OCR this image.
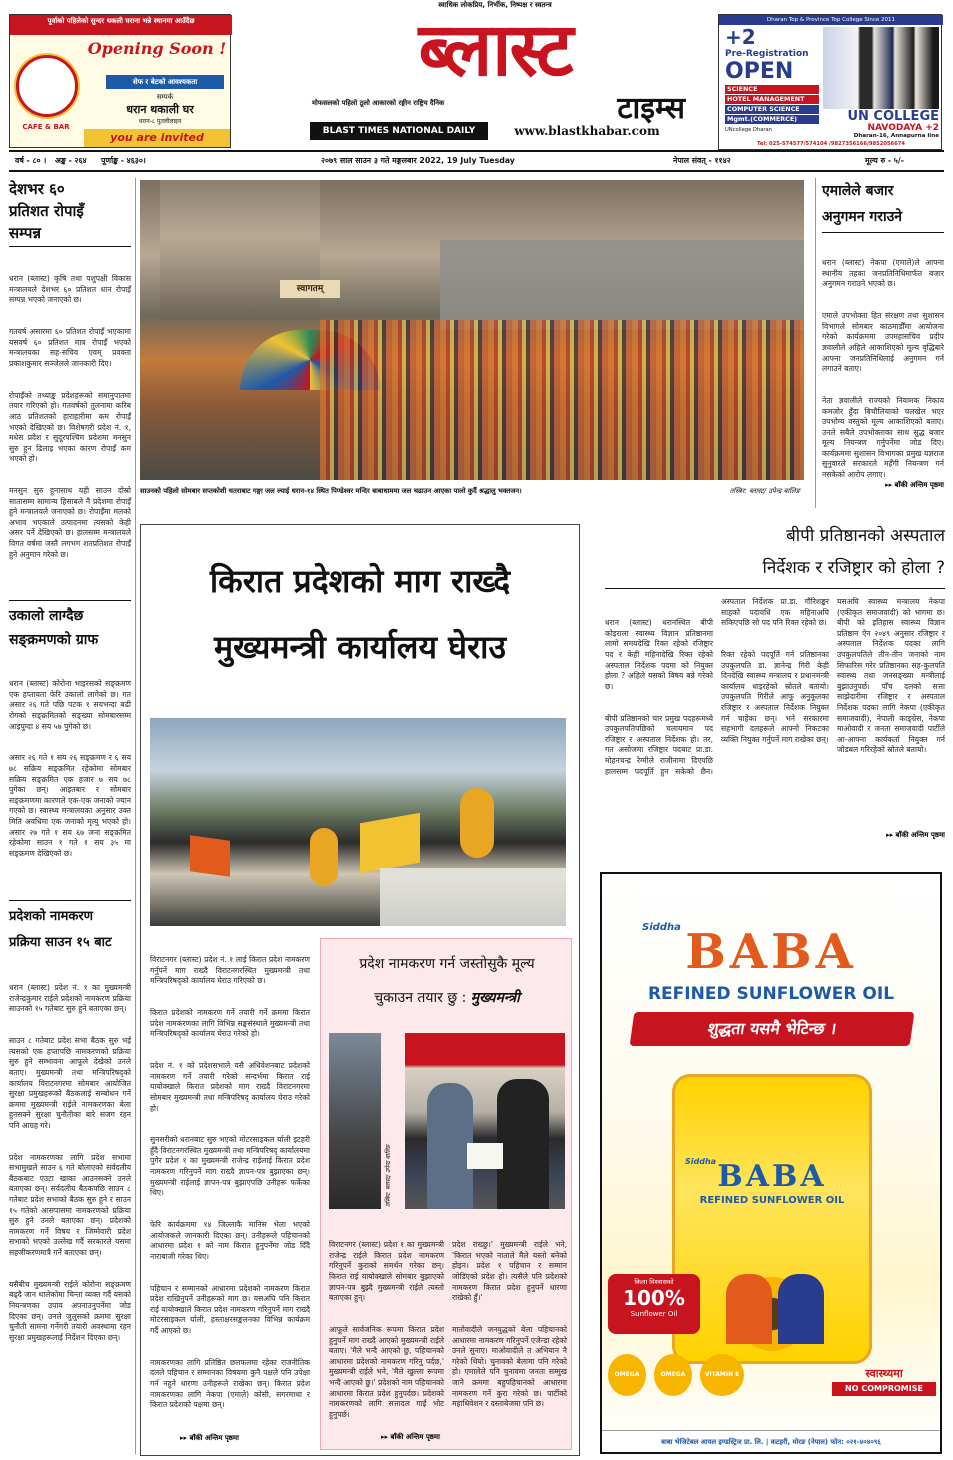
स्वाधिक लोकप्रिय, निर्भीक, निष्पक्ष र स्वतन्त्र
ब्लास्ट
मोफसलको पहिलो ठूलो आकारको रङ्गीन राष्ट्रिय दैनिक	टाइम्स
BLAST TIMES NATIONAL DAILY	www.blastkhabar.com
पूर्वाको पहिलेको सुन्दर थकली घराना भन्ने स्थानमा आउँदैछ
CAFE & BAR
Opening Soon !
सेफ र बेटको आवश्यकता
सम्पर्क
धरान थकाली घर
धरान-८ पुतलीलाइन
you are invited
Dharan Top & Province Top College Since 2011
+2
Pre-Registration
OPEN
SCIENCE
HOTEL MANAGEMENT
COMPUTER SCIENCE
Mgmt.(COMMERCE)	UN COLLEGE
NAVODAYA +2
UNcollege Dharan
Dharan-16, Annapurna line
Tel: 025-574577/574104 /9827356166/9852056674
वर्ष - ८० । अङ्क - २६४ पूर्णाङ्क - ४६३०।	२०७९ साल साउन ३ गते मङ्गलबार 2022, 19 July Tuesday	नेपाल संवत् - ११४२	मूल्य रु - ५/-
देशभर ६०
प्रतिशत रोपाइँ
सम्पन्न

धरान (ब्लास्ट) कृषि तथा पशुपक्षी विकास मन्त्रालयले देशभर ६० प्रतिशत धान रोपाइँ सम्पन्न भएको जनाएको छ।

गतवर्ष असारमा ६० प्रतिशत रोपाइँ भएकामा यसवर्ष ६० प्रतिशत मात्र रोपाइँ भएको मन्त्रालयका सह-सचिव एवम् प्रवक्ता प्रकाशकुमार सञ्जेलले जानकारी दिए।

रोपाइँको तथ्याङ्क प्रदेशहरूको समानुपातमा तयार गरिएको हो। गतवर्षको तुलनामा करिब आठ प्रतिशतको हाराहारीमा कम रोपाइँ भएको देखिएको छ। विशेषगरी प्रदेश नं. १, मधेस प्रदेश र सुदूरपश्चिम प्रदेशमा मनसुन सुरु हुन ढिलाइ भएका कारण रोपाइँ कम भएको हो।

मनसुन सुरु हुनासाथ यही साउन दोस्रो सातासम्म सामान्य हिसाबले नै प्रदेशमा रोपाइँ हुने मन्त्रालयले जनाएको छ। रोपाइँमा मलको अभाव भएकाले उत्पादनमा त्यसको केही असर पर्ने देखिएको छ। हालसम्म मन्त्रालयले विगत वर्षमा जस्तै लगभग शतप्रतिशत रोपाइँ हुने अनुमान गरेको छ।

उकालो लाग्दैछ
सङ्क्रमणको ग्राफ

धरान (ब्लास्ट) कोरोना भाइरसको सङ्क्रमण एक हप्तायता फेरि उकालो लागेको छ। गत असार २६ गते पछि पटक १ सयभन्दा बढी रोगको सङ्क्रमितको सङ्ख्या सोमबारसम्म आइपुग्दा ४ सय ५७ पुगेको छ।

असार २६ गते १ सय २६ सङ्क्रमण र ६ सय ७८ सक्रिय सङ्क्रमित रहेकोमा सोमबार सक्रिय सङ्क्रमित एक हजार ७ सय ७८ पुगेका छन्। आइतबार र सोमबार सङ्क्रमणमा कारणले एक-एक जनाको ज्यान गएको छ। स्वास्थ्य मन्त्रालयका अनुसार उक्त मिति अवधिमा एक जनाको मृत्यु भएको हो। असार २७ गते १ सय ६७ जना सङ्क्रमित रहेकोमा साउन १ गते १ सय ३५ मा सङ्क्रमण देखिएको छ।

प्रदेशको नामकरण
प्रक्रिया साउन १५ बाट

धरान (ब्लास्ट) प्रदेश नं. १ का मुख्यमन्त्री राजेन्द्रकुमार राईले प्रदेशको नामकरण प्रक्रिया साउनको १५ गतेबाट सुरु हुने बताएका छन्।

साउन ८ गतेबाट प्रदेश सभा बैठक सुरु भई त्यसको एक हप्तापछि नामकरणको प्रक्रिया सुरु हुने सम्भावना आफूले देखेको उनले बताए। मुख्यमन्त्री तथा मन्त्रिपरिषद्को कार्यालय विराटनगरमा सोमबार आयोजित सुरक्षा प्रमुखहरूको बैठकलाई सम्बोधन गर्ने क्रममा मुख्यमन्त्री राईले नामकरणका बेला हुनसक्ने सुरक्षा चुनौतीका बारे सजग रहन पनि आग्रह गरे।

प्रदेश नामकरणका लागि प्रदेश सभामा सभामुखले साउन ६ गते बोलाएको सर्वदलीय बैठकबाट एउटा खाका आउनसक्ने उनले बताएका छन्। सर्वदलीय बैठकपछि साउन ८ गतेबाट प्रदेश सभाको बैठक सुरु हुने र साउन १५ गतेको आसपासमा नामकरणको प्रक्रिया सुरु हुने उनले बताएका छन्। प्रदेशको नामकरण गर्ने विषय र जिम्मेवारी प्रदेश सभाको भएको उल्लेख गर्दै सरकारले यसमा सहजीकरणमात्रै गर्ने बताएका छन्।

यसैबीच मुख्यमन्त्री राईले कोरोना सङ्क्रमण बढ्दै जान थालेकोमा चिन्ता व्यक्त गर्दै यसको नियन्त्रणका उपाय अपनाउनुपर्नेमा जोड दिएका छन्। उनले जुलुसको क्रममा सुरक्षा चुनौती सामना गर्नेगरी तयारी अवस्थामा रहन सुरक्षा प्रमुखहरूलाई निर्देशन दिएका छन्।

स्वागतम्
साउनको पहिलो सोमबार सप्तकोशी चतराबाट गङ्गा जल ल्याई धरान-१४ स्थित पिण्डेश्वर मन्दिर बाबाधाममा जल चढाउन आएका पालो कुर्दै श्रद्धालु भक्तजन।	तस्बिर: ब्लास्ट/ उपेन्द्र बालिङ
एमालेले बजार
अनुगमन गराउने

धरान (ब्लास्ट) नेकपा (एमाले)ले आफ्ना स्थानीय तहका जनप्रतिनिधिमार्फत बजार अनुगमन गराउने भएको छ।

एमाले उपभोक्ता हित संरक्षण तथा सुशासन विभागले सोमबार काठमाडौँमा आयोजना गरेको कार्यक्रममा उपमहासचिव प्रदीप ज्ञवालीले अहिले आकाशिएको मूल्य वृद्धिबारे आफ्ना जनप्रतिनिधिलाई अनुगमन गर्न लगाउने बताए।

नेता ज्ञवालीले राज्यको नियामक निकाय कमजोर हुँदा बिचौलियाको चलखेल भएर उपभोग्य वस्तुको मूल्य आकाशिएको बताए। उनले सबैले उपभोक्ताका साथ सुद्ध बजार मूल्य नियन्त्रण गर्नुपर्नेमा जोड दिए। कार्यक्रममा सुशासन विभागका प्रमुख यज्ञराज सुनुवारले सरकारले महँगी नियन्त्रण गर्न नसकेको आरोप लगाए।

▸▸ बाँकी अन्तिम पृष्ठमा
बीपी प्रतिष्ठानको अस्पताल
निर्देशक र रजिष्ट्रार को होला ?

धरान (ब्लास्ट) धरानस्थित बीपी कोइराला स्वास्थ्य विज्ञान प्रतिष्ठानमा लामो समयदेखि रिक्त रहेको रजिष्ट्रार पद र केही महिनादेखि रिक्त रहेको अस्पताल निर्देशक पदमा को नियुक्त होला ? अहिले यसको विषय बन्ने गरेको छ।

बीपी प्रतिष्ठानको चार प्रमुख पदहरूमध्ये उपकुलपतिपछिको चलायमान पद रजिष्ट्रार र अस्पताल निर्देशक हो। तर, गत असोजमा रजिष्ट्रार पदबाट प्रा.डा. मोहनचन्द्र रेग्मीले राजीनामा दिएपछि हालसम्म पदपूर्ति हुन सकेको छैन। अस्पताल निर्देशक प्रा.डा. गौरिशङ्कर साहको पदावधि एक महिनाअघि सकिएपछि सो पद पनि रिक्त रहेको छ।

रिक्त रहेको पदपूर्ति गर्न प्रतिष्ठानका उपकुलपति डा. ज्ञानेन्द्र गिरी केही दिनदेखि स्वास्थ्य मन्त्रालय र प्रधानमन्त्री कार्यालय धाइरहेको स्रोतले बतायो। उपकुलपति गिरीले आफू अनुकूलका रजिष्ट्रार र अस्पताल निर्देशक नियुक्त गर्न चाहेका छन्। भने सरकारमा सहभागी दलहरूले आफ्नो निकटका व्यक्ति नियुक्त गर्नुपर्ने माग राखेका छन्।

यसअघि स्वास्थ्य मन्त्रालय नेकपा (एकीकृत समाजवादी) को भागमा छ। बीपी को इतिहास स्वास्थ्य विज्ञान प्रतिष्ठान ऐन २०४९ अनुसार रजिष्ट्रार र अस्पताल निर्देशक पदका लागि उपकुलपतिले तीन-तीन जनाको नाम सिफारिस गरेर प्रतिष्ठानका सह-कुलपति स्वास्थ्य तथा जनसङ्ख्या मन्त्रीलाई बुझाउनुपर्छ। पाँच दलको सत्ता साझेदारीमा रजिष्ट्रार र अस्पताल निर्देशक पदका लागि नेकपा (एकीकृत समाजवादी), नेपाली काङ्ग्रेस, नेकपा माओवादी र जनता समाजवादी पार्टीले आ-आफ्ना कार्यकर्ता नियुक्त गर्न जोडबल गरिरहेको स्रोतले बतायो।

▸▸ बाँकी अन्तिम पृष्ठमा
किरात प्रदेशको माग राख्दै
मुख्यमन्त्री कार्यालय घेराउ

विराटनगर (ब्लास्ट) प्रदेश नं. १ लाई किरात प्रदेश नामकरण गर्नुपर्ने माग राख्दै विराटनगरस्थित मुख्यमन्त्री तथा मन्त्रिपरिषद्को कार्यालय घेराउ गरिएको छ।

किरात प्रदेशको नामकरण गर्ने तयारी गर्ने क्रममा किरात प्रदेश नामकरणका लागि विभिन्न सङ्घसंस्थाले मुख्यमन्त्री तथा मन्त्रिपरिषद्को कार्यालय घेराउ गरेको हो।

प्रदेश नं. १ को प्रदेशसभाले यसै अधिवेशनबाट प्रदेशको नामकरण गर्ने तयारी गरेको सन्दर्भमा किरात राई यायोक्खाले किरात प्रदेशको माग राख्दै विराटनगरमा सोमबार मुख्यमन्त्री तथा मन्त्रिपरिषद् कार्यालय घेराउ गरेको हो।

सुनसरीको धरानबाट सुरु भएको मोटरसाइकल र्याली इटहरी हुँदै विराटनगरस्थित मुख्यमन्त्री तथा मन्त्रिपरिषद् कार्यालयमा पुगेर प्रदेश १ का मुख्यमन्त्री राजेन्द्र राईलाई किरात प्रदेश नामकरण गरिनुपर्ने माग राख्दै ज्ञापन-पत्र बुझाएका छन्। मुख्यमन्त्री राईलाई ज्ञापन-पत्र बुझाएपछि उनीहरू फर्केका थिए।

फेरि कार्यक्रममा १४ जिल्लाकै मानिस भेला भएको आयोजकले जानकारी दिएका छन्। उनीहरूले पहिचानको आधारमा प्रदेश १ को नाम किरात हुनुपर्नेमा जोड दिँदै नाराबाजी गरेका थिए।

पहिचान र सम्मानको आधारमा प्रदेशको नामकरण किरात प्रदेश राखिनुपर्ने उनीहरूको माग छ। यसअघि पनि किरात राई यायोक्खाले किरात प्रदेश नामकरण गरिनुपर्ने माग राख्दै मोटरसाइकल र्याली, हस्ताक्षरसङ्कलनका विभिन्न कार्यक्रम गर्दै आएको छ।

नामकरणका लागि प्रतिष्ठित छलफलमा रहेका राजनीतिक दलले पहिचान र सम्मानका विषयमा कुनै पक्षले पनि उपेक्षा गर्न नहुने धारणा उनीहरूले राखेका छन्। किरात प्रदेश नामकरणका लागि नेकपा (एमाले) कोसी, सगरमाथा र किरात प्रदेशको पक्षमा छन्।

▸▸ बाँकी अन्तिम पृष्ठमा
प्रदेश नामकरण गर्न जस्तोसुकै मूल्य
चुकाउन तयार छु : मुख्यमन्त्री
तस्बिर: ब्लास्ट/ उपेन्द्र बालिङ

विराटनगर (ब्लास्ट) प्रदेश १ का मुख्यमन्त्री राजेन्द्र राईले किरात प्रदेश नामकरण गरिनुपर्ने कुराको समर्थन गरेका छन्। किरात राई यायोक्खाले सोमबार बुझाएको ज्ञापन-पत्र बुझ्दै मुख्यमन्त्री राईले त्यस्तो बताएका हुन्।

आफूले सार्वजनिक रूपमा किरात प्रदेश हुनुपर्ने माग राख्दै आएको मुख्यमन्त्री राईले बताए। 'मैले भन्दै आएको छु, पहिचानको आधारमा प्रदेशको नामकरण गरिनु पर्दछ,' मुख्यमन्त्री राईले भने, 'मैले खुल्ला रूपमा भन्दै आएको छु।' प्रदेशको नाम पहिचानको आधारमा किरात प्रदेश हुनुपर्दछ। प्रदेशको नामकरणको लागि सत्तादल गाईं भोट हुनुपर्छ।

प्रदेश राख्छु।' मुख्यमन्त्री राईले भने, 'किरात भएको नाताले मैले यस्तो बनेको होइन। प्रदेश १ पहिचान र सम्मान जोडिएको प्रदेश हो। त्यसैले पनि प्रदेशको नामकरण किरात प्रदेश हुनुपर्ने धारणा राखेको हुँ।'

मातोवादीले जनयुद्धको बेला पहिचानको आधारमा नामकरण गरिनुपर्ने एजेन्डा रहेको उनले सुनाए। माओवादीले त अभियान नै गरेको थियो। चुनावको बेलामा पनि गरेको हो। एमालेले पनि चुनावमा जनता सम्मुख जाने क्रममा बहुपहिचानको आधारमा नामकरण गर्ने कुरा गरेको छ। पार्टीको महाधिवेशन र दस्ताबेजमा पनि छ।

▸▸ बाँकी अन्तिम पृष्ठमा
Siddha BABA
REFINED SUNFLOWER OIL
शुद्धता यसमै भेटिन्छ ।
Siddha BABA
REFINED SUNFLOWER OIL
किला विश्वासको
100%
Sunflower Oil
OMEGA	OMEGA	VITAMIN E	स्वास्थ्यमा
NO COMPROMISE
बाबा भेजिटेबल आयल इण्डस्ट्रिज प्रा. लि. | कटहरी, मोरङ (नेपाल) फोन: ०२१-४०४०९६
